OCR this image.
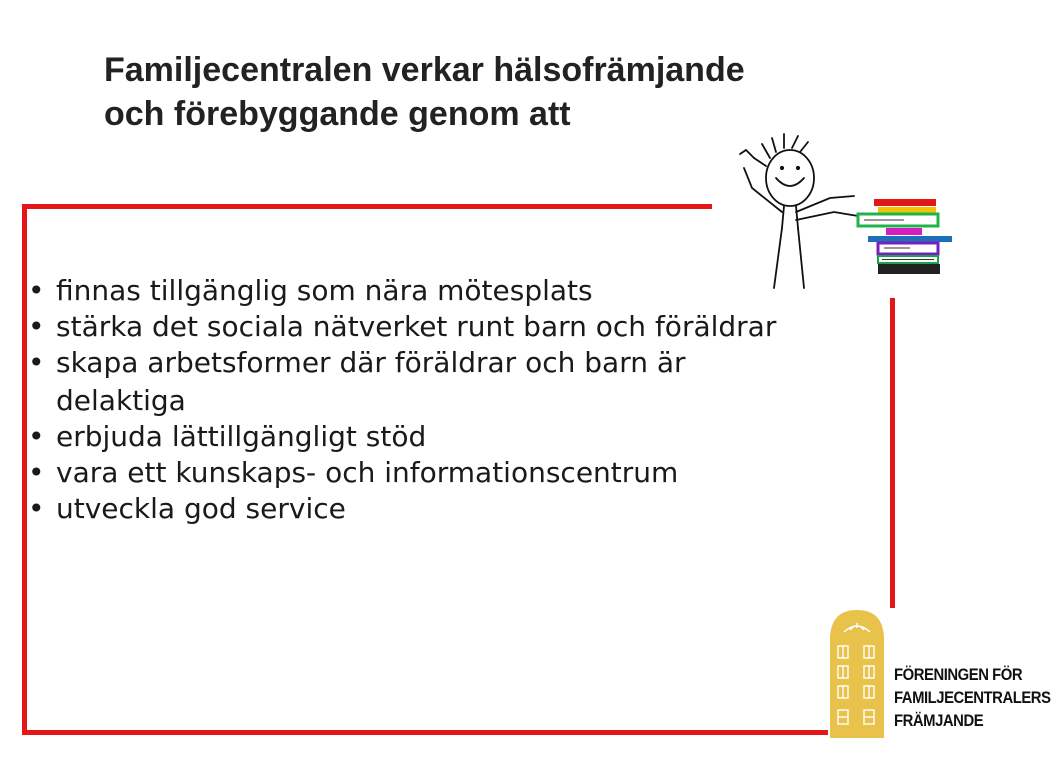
Familjecentralen verkar hälsofrämjande
och förebyggande genom att
• finnas tillgänglig som nära mötesplats
• stärka det sociala nätverket runt barn och föräldrar
• skapa arbetsformer där föräldrar och barn är delaktiga
• erbjuda lättillgängligt stöd
• vara ett kunskaps- och informationscentrum
• utveckla god service
FÖRENINGEN FÖR
FAMILJECENTRALERS
FRÄMJANDE
